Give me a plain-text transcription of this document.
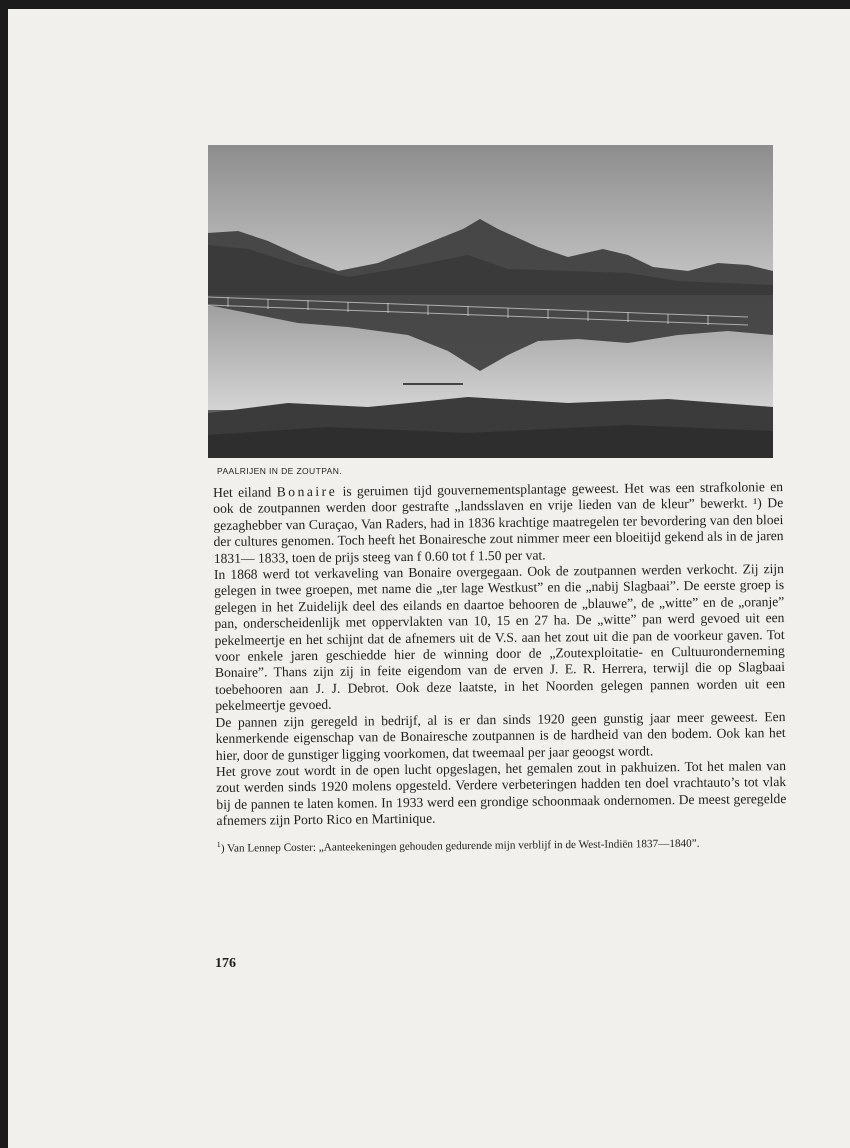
PAALRIJEN IN DE ZOUTPAN.

Het eiland Bonaire is geruimen tijd gouvernementsplantage geweest. Het was een strafkolonie en ook de zoutpannen werden door gestrafte „landsslaven en vrije lieden van de kleur” bewerkt. ¹) De gezaghebber van Curaçao, Van Raders, had in 1836 krachtige maatregelen ter bevordering van den bloei der cultures genomen. Toch heeft het Bonairesche zout nimmer meer een bloeitijd gekend als in de jaren 1831— 1833, toen de prijs steeg van f 0.60 tot f 1.50 per vat.

In 1868 werd tot verkaveling van Bonaire overgegaan. Ook de zoutpannen werden verkocht. Zij zijn gelegen in twee groepen, met name die „ter lage Westkust” en die „nabij Slagbaai”. De eerste groep is gelegen in het Zuidelijk deel des eilands en daartoe behooren de „blauwe”, de „witte” en de „oranje” pan, onderscheidenlijk met oppervlakten van 10, 15 en 27 ha. De „witte” pan werd gevoed uit een pekelmeertje en het schijnt dat de afnemers uit de V.S. aan het zout uit die pan de voorkeur gaven. Tot voor enkele jaren geschiedde hier de winning door de „Zoutexploitatie- en Cultuuronderneming Bonaire”. Thans zijn zij in feite eigendom van de erven J. E. R. Herrera, terwijl die op Slagbaai toebehooren aan J. J. Debrot. Ook deze laatste, in het Noorden gelegen pannen worden uit een pekelmeertje gevoed.

De pannen zijn geregeld in bedrijf, al is er dan sinds 1920 geen gunstig jaar meer geweest. Een kenmerkende eigenschap van de Bonairesche zoutpannen is de hardheid van den bodem. Ook kan het hier, door de gunstiger ligging voorkomen, dat tweemaal per jaar geoogst wordt.

Het grove zout wordt in de open lucht opgeslagen, het gemalen zout in pakhuizen. Tot het malen van zout werden sinds 1920 molens opgesteld. Verdere verbeteringen hadden ten doel vrachtauto’s tot vlak bij de pannen te laten komen. In 1933 werd een grondige schoonmaak ondernomen. De meest geregelde afnemers zijn Porto Rico en Martinique.

$^1$) Van Lennep Coster: „Aanteekeningen gehouden gedurende mijn verblijf in de West-Indiën 1837—1840”.

176
